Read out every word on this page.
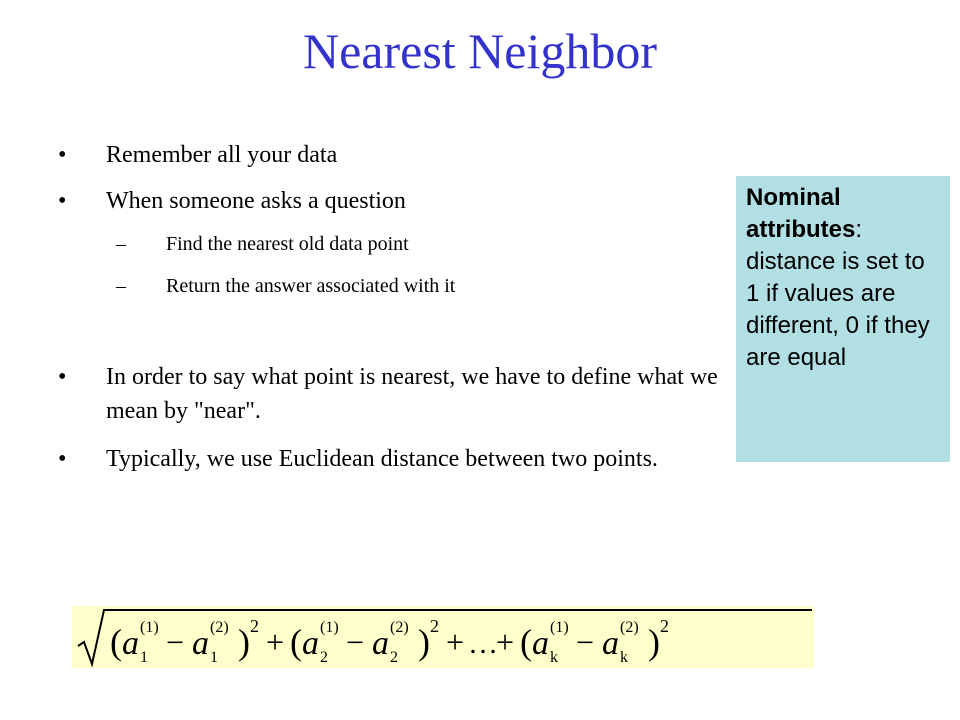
Nearest Neighbor
•	Remember all your data
•	When someone asks a question
– Find the nearest old data point
– Return the answer associated with it
•	In order to say what point is nearest, we have to define what we mean by "near".
•	Typically, we use Euclidean distance between two points.
Nominal attributes: distance is set to 1 if values are different, 0 if they are equal
( a (1)
1 − a (2)
1 ) 2 + ( a (1)
2 − a (2)
2 ) 2 + …
+ ( a (1)
k − a (2)
k ) 2
